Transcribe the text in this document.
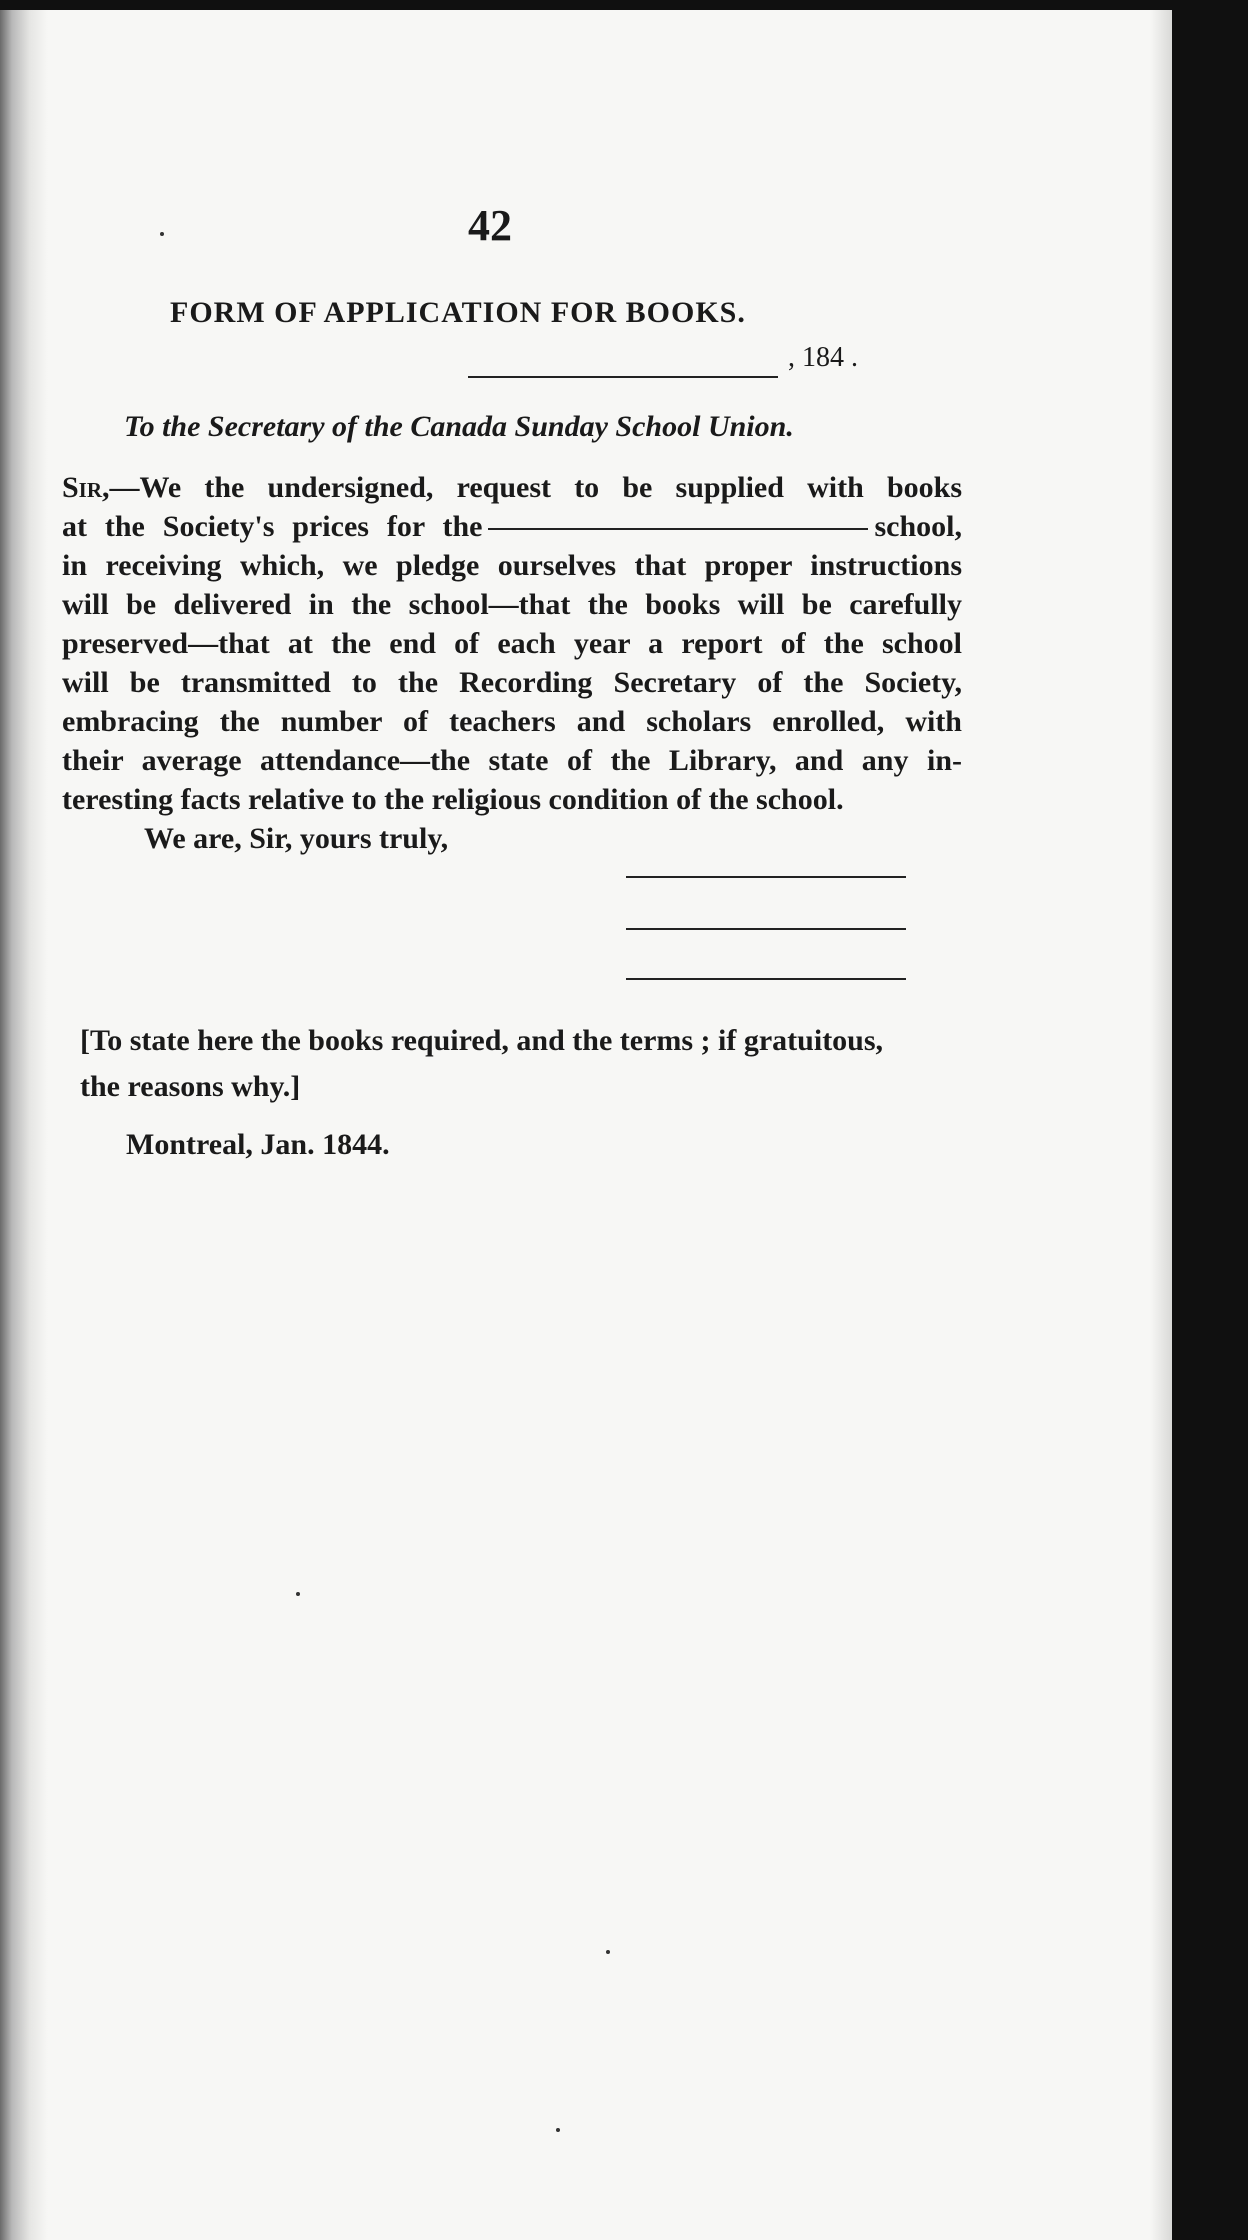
42
FORM OF APPLICATION FOR BOOKS.
, 184 .
To the Secretary of the Canada Sunday School Union.
Sir,—We the undersigned, request to be supplied with books
at the Society's prices for the	school,
in receiving which, we pledge ourselves that proper instructions
will be delivered in the school—that the books will be carefully
preserved—that at the end of each year a report of the school
will be transmitted to the Recording Secretary of the Society,
embracing the number of teachers and scholars enrolled, with
their average attendance—the state of the Library, and any in-
teresting facts relative to the religious condition of the school.
We are, Sir, yours truly,
[To state here the books required, and the terms ; if gratuitous,
the reasons why.]
Montreal, Jan. 1844.
